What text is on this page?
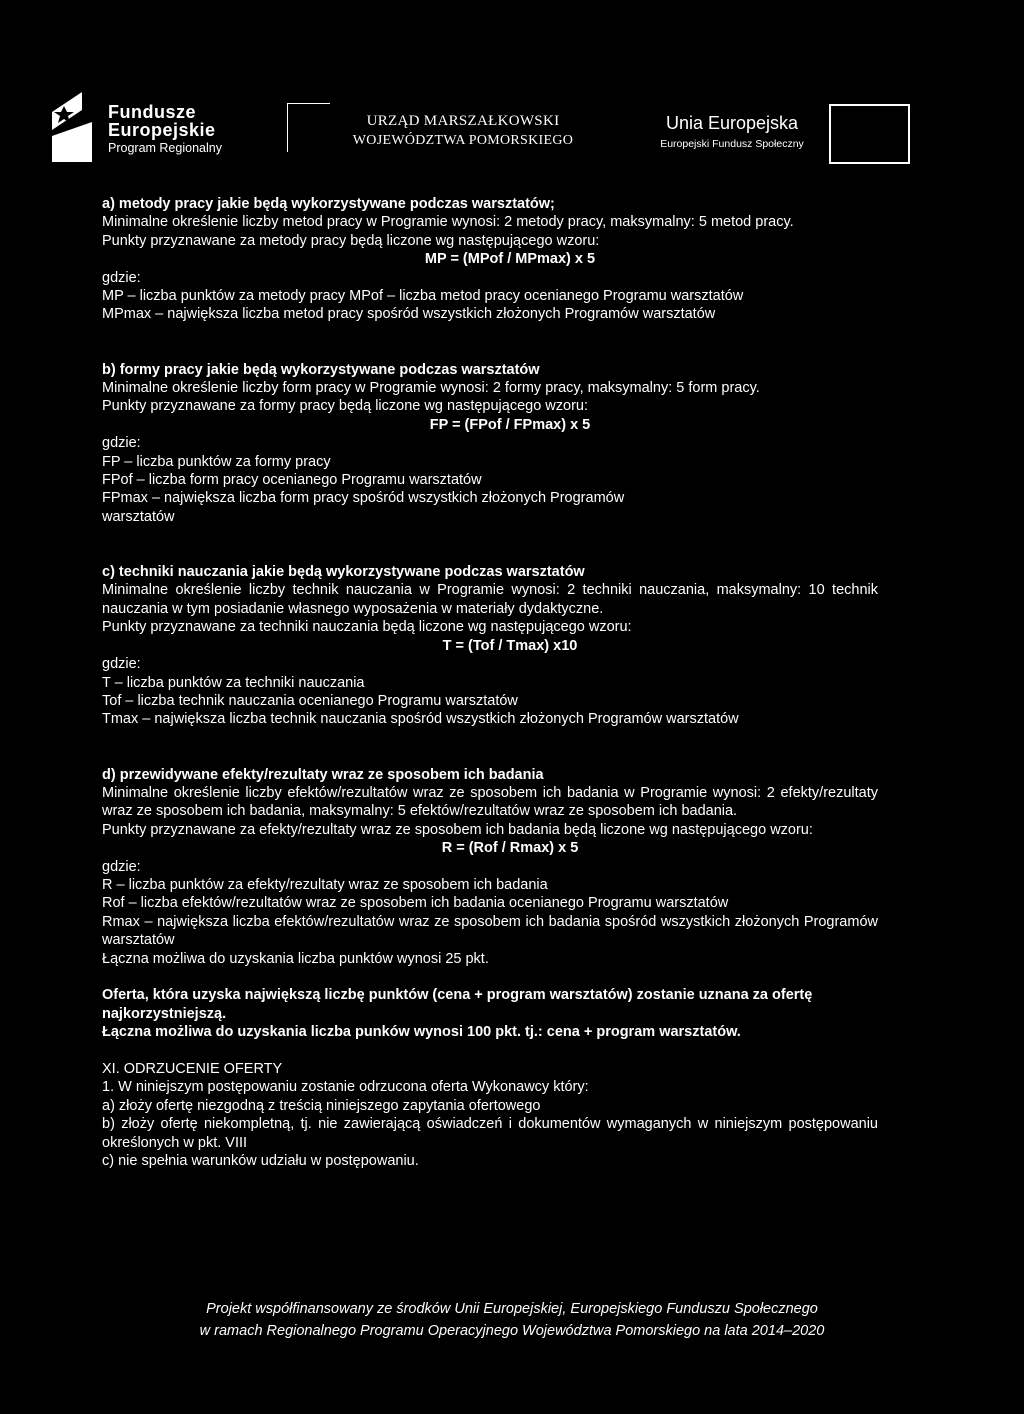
Fundusze
Europejskie
Program Regionalny
URZĄD MARSZAŁKOWSKI
WOJEWÓDZTWA POMORSKIEGO
Unia Europejska
Europejski Fundusz Społeczny

a) metody pracy jakie będą wykorzystywane podczas warsztatów;

Minimalne określenie liczby metod pracy w Programie wynosi: 2 metody pracy, maksymalny: 5 metod pracy.

Punkty przyznawane za metody pracy będą liczone wg następującego wzoru:

MP = (MPof / MPmax) x 5

gdzie:

MP – liczba punktów za metody pracy MPof – liczba metod pracy ocenianego Programu warsztatów

MPmax – największa liczba metod pracy spośród wszystkich złożonych Programów warsztatów

b) formy pracy jakie będą wykorzystywane podczas warsztatów

Minimalne określenie liczby form pracy w Programie wynosi: 2 formy pracy, maksymalny: 5 form pracy.

Punkty przyznawane za formy pracy będą liczone wg następującego wzoru:

FP = (FPof / FPmax) x 5

gdzie:

FP – liczba punktów za formy pracy

FPof – liczba form pracy ocenianego Programu warsztatów

FPmax – największa liczba form pracy spośród wszystkich złożonych Programów

warsztatów

c) techniki nauczania jakie będą wykorzystywane podczas warsztatów

Minimalne określenie liczby technik nauczania w Programie wynosi: 2 techniki nauczania, maksymalny: 10 technik nauczania w tym posiadanie własnego wyposażenia w materiały dydaktyczne.

Punkty przyznawane za techniki nauczania będą liczone wg następującego wzoru:

T = (Tof / Tmax) x10

gdzie:

T – liczba punktów za techniki nauczania

Tof – liczba technik nauczania ocenianego Programu warsztatów

Tmax – największa liczba technik nauczania spośród wszystkich złożonych Programów warsztatów

d) przewidywane efekty/rezultaty wraz ze sposobem ich badania

Minimalne określenie liczby efektów/rezultatów wraz ze sposobem ich badania w Programie wynosi: 2 efekty/rezultaty wraz ze sposobem ich badania, maksymalny: 5 efektów/rezultatów wraz ze sposobem ich badania.

Punkty przyznawane za efekty/rezultaty wraz ze sposobem ich badania będą liczone wg następującego wzoru:

R = (Rof / Rmax) x 5

gdzie:

R – liczba punktów za efekty/rezultaty wraz ze sposobem ich badania

Rof – liczba efektów/rezultatów wraz ze sposobem ich badania ocenianego Programu warsztatów

Rmax – największa liczba efektów/rezultatów wraz ze sposobem ich badania spośród wszystkich złożonych Programów warsztatów

Łączna możliwa do uzyskania liczba punktów wynosi 25 pkt.

Oferta, która uzyska największą liczbę punktów (cena + program warsztatów) zostanie uznana za ofertę najkorzystniejszą.

Łączna możliwa do uzyskania liczba punków wynosi 100 pkt. tj.: cena + program warsztatów.

XI. ODRZUCENIE OFERTY

1. W niniejszym postępowaniu zostanie odrzucona oferta Wykonawcy który:

a) złoży ofertę niezgodną z treścią niniejszego zapytania ofertowego

b) złoży ofertę niekompletną, tj. nie zawierającą oświadczeń i dokumentów wymaganych w niniejszym postępowaniu określonych w pkt. VIII

c) nie spełnia warunków udziału w postępowaniu.

Projekt współfinansowany ze środków Unii Europejskiej, Europejskiego Funduszu Społecznego
w ramach Regionalnego Programu Operacyjnego Województwa Pomorskiego na lata 2014–2020
